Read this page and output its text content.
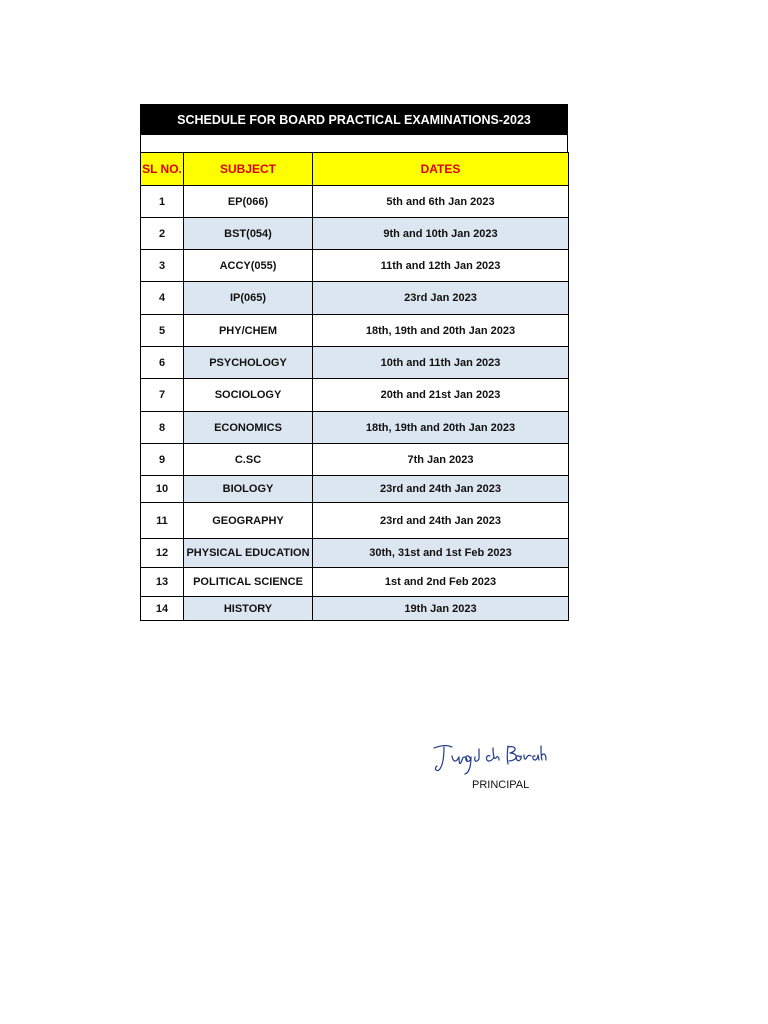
SCHEDULE FOR BOARD PRACTICAL EXAMINATIONS-2023
SL NO.	SUBJECT	DATES
1	EP(066)	5th and 6th Jan 2023
2	BST(054)	9th and 10th Jan 2023
3	ACCY(055)	11th and 12th Jan 2023
4	IP(065)	23rd Jan 2023
5	PHY/CHEM	18th, 19th and 20th Jan 2023
6	PSYCHOLOGY	10th and 11th Jan 2023
7	SOCIOLOGY	20th and 21st Jan 2023
8	ECONOMICS	18th, 19th and 20th Jan 2023
9	C.SC	7th Jan 2023
10	BIOLOGY	23rd and 24th Jan 2023
11	GEOGRAPHY	23rd and 24th Jan 2023
12	PHYSICAL EDUCATION	30th, 31st and 1st Feb 2023
13	POLITICAL SCIENCE	1st and 2nd Feb 2023
14	HISTORY	19th Jan 2023
PRINCIPAL
